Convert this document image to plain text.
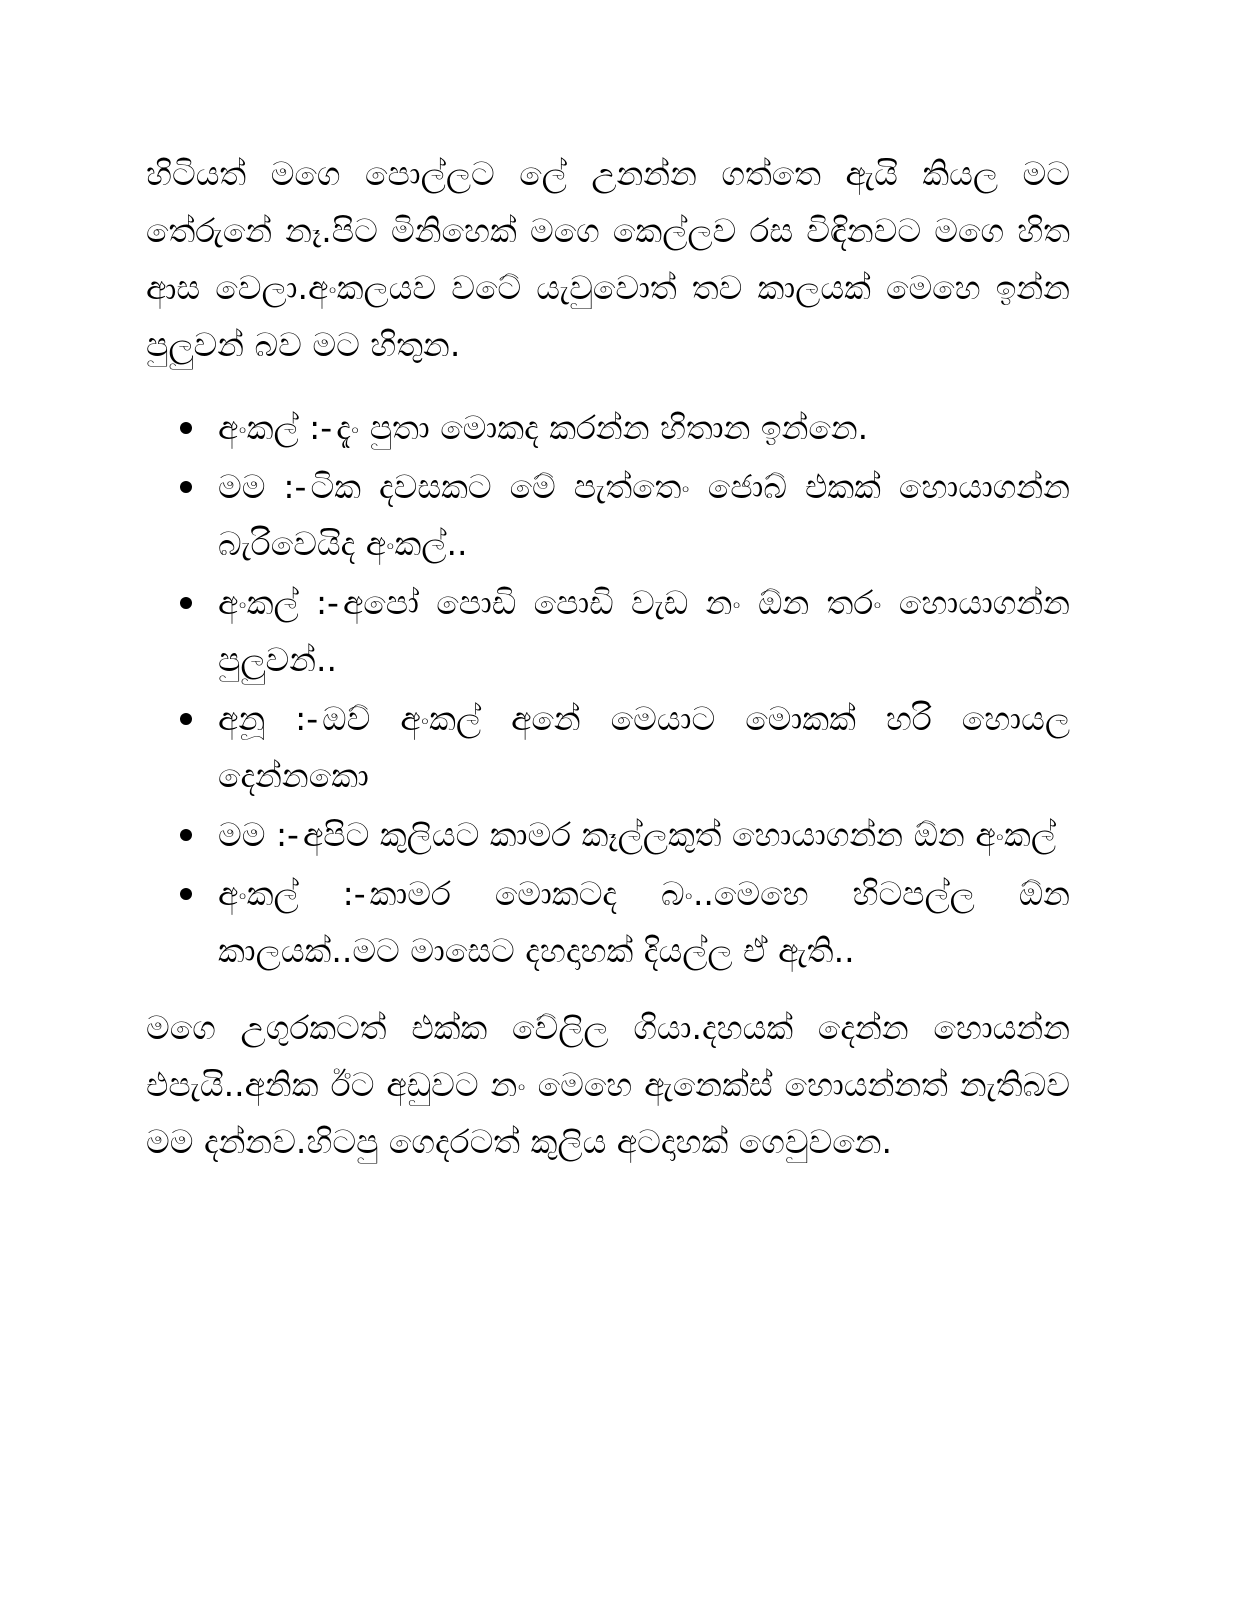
හිටියත් මගෙ පොල්ලට ලේ උනන්න ගත්තෙ ඇයි කියල මට තේරුනේ නෑ.පිට මිනිහෙක් මගෙ කෙල්ලව රස විඳිනවට මගෙ හිත ආස වෙලා.අංකලයව වටේ යැවුවොත් තව කාලයක් මෙහෙ ඉන්න පුලුවන් බව මට හිතුන.

අංකල් :- දැං පුතා මොකද කරන්න හිතාන ඉන්නෙ.
මම :- ටික දවසකට මේ පැත්තෙං ජොබ් එකක් හොයාගන්න බැරිවෙයිද අංකල්..
අංකල් :- අපෝ පොඩි පොඩි වැඩ නං ඕන තරං හොයාගන්න පුලුවන්..
අනූ :- ඔව් අංකල් අනේ මෙයාට මොකක් හරි හොයල දෙන්නකො
මම :- අපිට කුලියට කාමර කෑල්ලකුත් හොයාගන්න ඕන අංකල්
අංකල් :- කාමර මොකටද බං..මෙහෙ හිටපල්ල ඕන කාලයක්..මට මාසෙට දහදාහක් දියල්ල ඒ ඇති..

මගෙ උගුරකටත් එක්ක වේලිල ගියා.දහයක් දෙන්න හොයන්න එපැයි..අනික ඊට අඩුවට නං මෙහෙ ඇනෙක්ස් හොයන්නත් නැතිබව මම දන්නව.හිටපු ගෙදරටත් කුලිය අටදාහක් ගෙවුවනෙ.
